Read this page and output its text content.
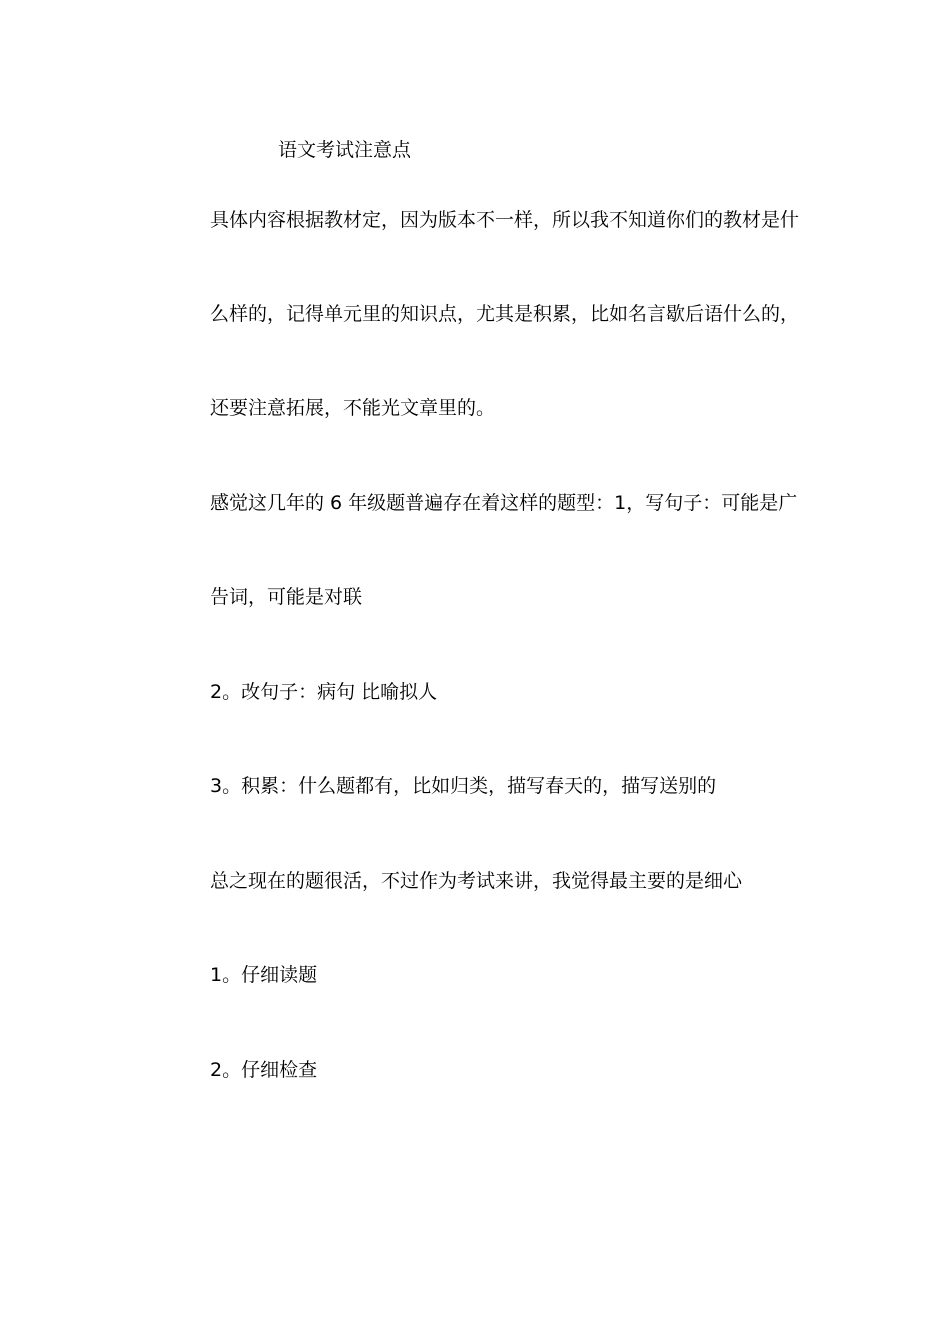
语文考试注意点
具体内容根据教材定，因为版本不一样，所以我不知道你们的教材是什
么样的，记得单元里的知识点，尤其是积累，比如名言歇后语什么的，
还要注意拓展，不能光文章里的。
感觉这几年的 6 年级题普遍存在着这样的题型：1，写句子：可能是广
告词，可能是对联
2。改句子：病句 比喻拟人
3。积累：什么题都有，比如归类，描写春天的，描写送别的
总之现在的题很活，不过作为考试来讲，我觉得最主要的是细心
1。仔细读题
2。仔细检查
